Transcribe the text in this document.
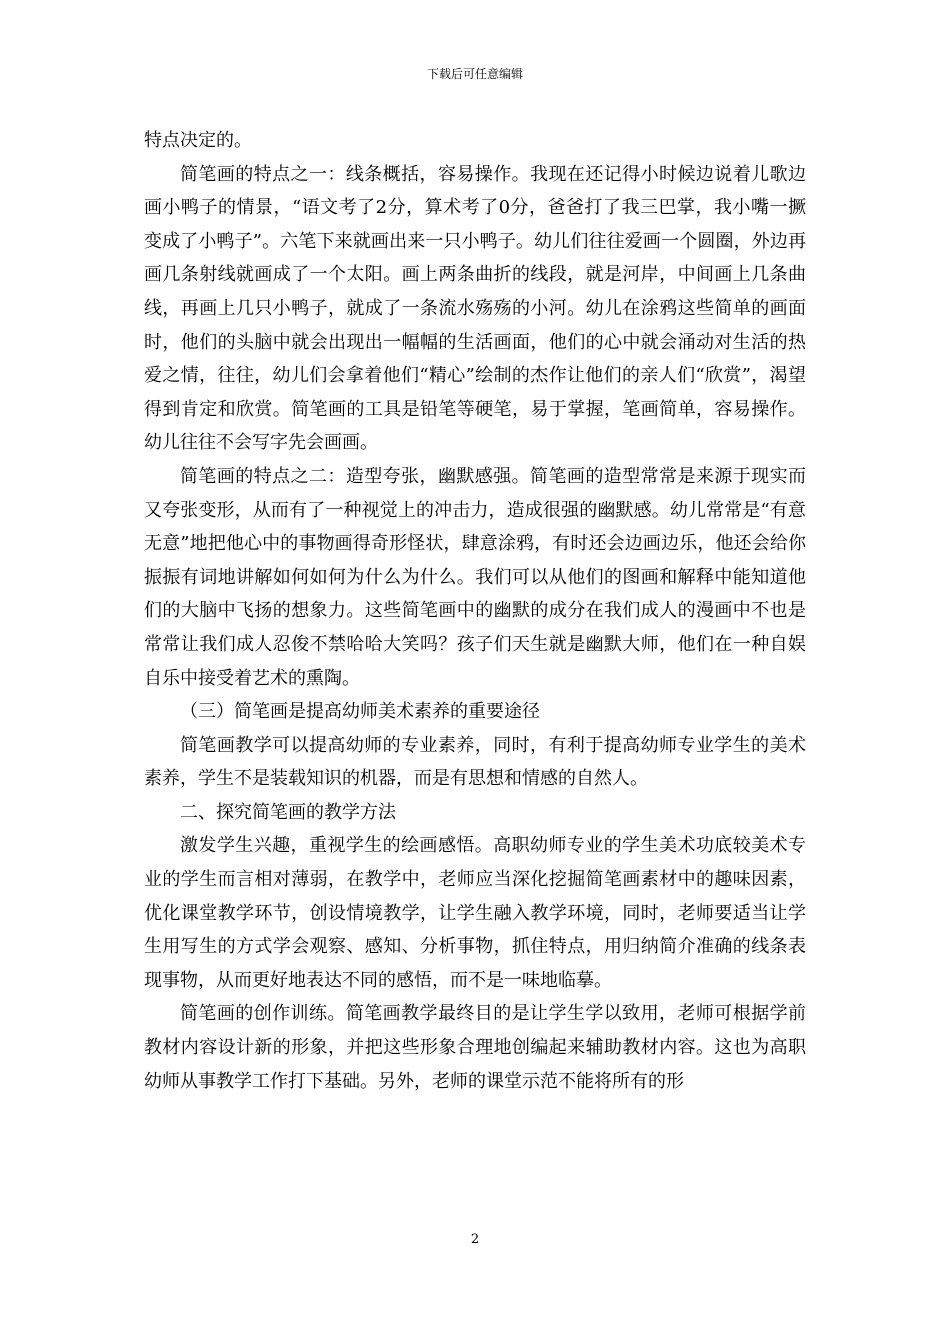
下载后可任意编辑

特点决定的。

简笔画的特点之一：线条概括，容易操作。我现在还记得小时候边说着儿歌边画小鸭子的情景，“语文考了2分，算术考了0分，爸爸打了我三巴掌，我小嘴一撅变成了小鸭子”。六笔下来就画出来一只小鸭子。幼儿们往往爱画一个圆圈，外边再画几条射线就画成了一个太阳。画上两条曲折的线段，就是河岸，中间画上几条曲线，再画上几只小鸭子，就成了一条流水殇殇的小河。幼儿在涂鸦这些简单的画面时，他们的头脑中就会出现出一幅幅的生活画面，他们的心中就会涌动对生活的热爱之情，往往，幼儿们会拿着他们“精心”绘制的杰作让他们的亲人们“欣赏”，渴望得到肯定和欣赏。简笔画的工具是铅笔等硬笔，易于掌握，笔画简单，容易操作。幼儿往往不会写字先会画画。

简笔画的特点之二：造型夸张，幽默感强。简笔画的造型常常是来源于现实而又夸张变形，从而有了一种视觉上的冲击力，造成很强的幽默感。幼儿常常是“有意无意”地把他心中的事物画得奇形怪状，肆意涂鸦，有时还会边画边乐，他还会给你振振有词地讲解如何如何为什么为什么。我们可以从他们的图画和解释中能知道他们的大脑中飞扬的想象力。这些简笔画中的幽默的成分在我们成人的漫画中不也是常常让我们成人忍俊不禁哈哈大笑吗？孩子们天生就是幽默大师，他们在一种自娱自乐中接受着艺术的熏陶。

（三）简笔画是提高幼师美术素养的重要途径

简笔画教学可以提高幼师的专业素养，同时，有利于提高幼师专业学生的美术素养，学生不是装载知识的机器，而是有思想和情感的自然人。

二、探究简笔画的教学方法

激发学生兴趣，重视学生的绘画感悟。高职幼师专业的学生美术功底较美术专业的学生而言相对薄弱，在教学中，老师应当深化挖掘简笔画素材中的趣味因素，优化课堂教学环节，创设情境教学，让学生融入教学环境，同时，老师要适当让学生用写生的方式学会观察、感知、分析事物，抓住特点，用归纳简介准确的线条表现事物，从而更好地表达不同的感悟，而不是一味地临摹。

简笔画的创作训练。简笔画教学最终目的是让学生学以致用，老师可根据学前教材内容设计新的形象，并把这些形象合理地创编起来辅助教材内容。这也为高职幼师从事教学工作打下基础。另外，老师的课堂示范不能将所有的形

2
